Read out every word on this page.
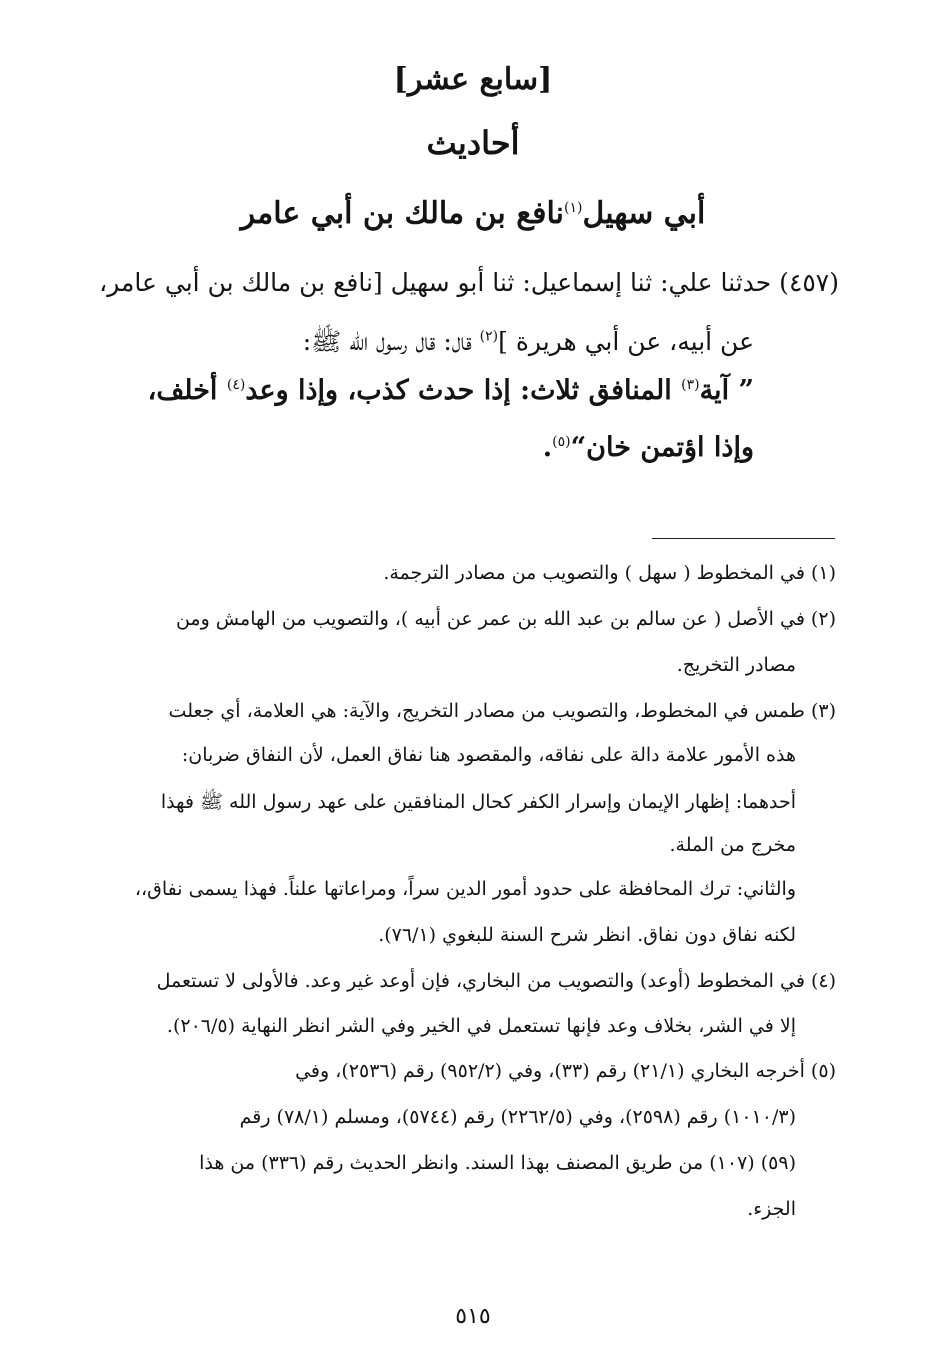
[سابع عشر]
أحاديث
أبي سهيل$^{(١)}$نافع بن مالك بن أبي عامر
(٤٥٧) حدثنا علي: ثنا إسماعيل: ثنا أبو سهيل [نافع بن مالك بن أبي عامر،
عن أبيه، عن أبي هريرة ]$^{(٢)}$ قال: قال رسول الله ﷺ:
” آية$^{(٣)}$ المنافق ثلاث: إذا حدث كذب، وإذا وعد$^{(٤)}$ أخلف،
وإذا اؤتمن خان“$^{(٥)}$.
(١) في المخطوط ( سهل ) والتصويب من مصادر الترجمة.
(٢) في الأصل ( عن سالم بن عبد الله بن عمر عن أبيه )، والتصويب من الهامش ومن
مصادر التخريج.
(٣) طمس في المخطوط، والتصويب من مصادر التخريج، والآية: هي العلامة، أي جعلت
هذه الأمور علامة دالة على نفاقه، والمقصود هنا نفاق العمل، لأن النفاق ضربان:
أحدهما: إظهار الإيمان وإسرار الكفر كحال المنافقين على عهد رسول الله ﷺ فهذا
مخرج من الملة.
والثاني: ترك المحافظة على حدود أمور الدين سراً، ومراعاتها علناً. فهذا يسمى نفاق،،
لكنه نفاق دون نفاق. انظر شرح السنة للبغوي (٧٦/١).
(٤) في المخطوط (أوعد) والتصويب من البخاري، فإن أوعد غير وعد. فالأولى لا تستعمل
إلا في الشر، بخلاف وعد فإنها تستعمل في الخير وفي الشر انظر النهاية (٢٠٦/٥).
(٥) أخرجه البخاري (٢١/١) رقم (٣٣)، وفي (٩٥٢/٢) رقم (٢٥٣٦)، وفي
(١٠١٠/٣) رقم (٢٥٩٨)، وفي (٢٢٦٢/٥) رقم (٥٧٤٤)، ومسلم (٧٨/١) رقم
(٥٩) (١٠٧) من طريق المصنف بهذا السند. وانظر الحديث رقم (٣٣٦) من هذا
الجزء.
٥١٥
